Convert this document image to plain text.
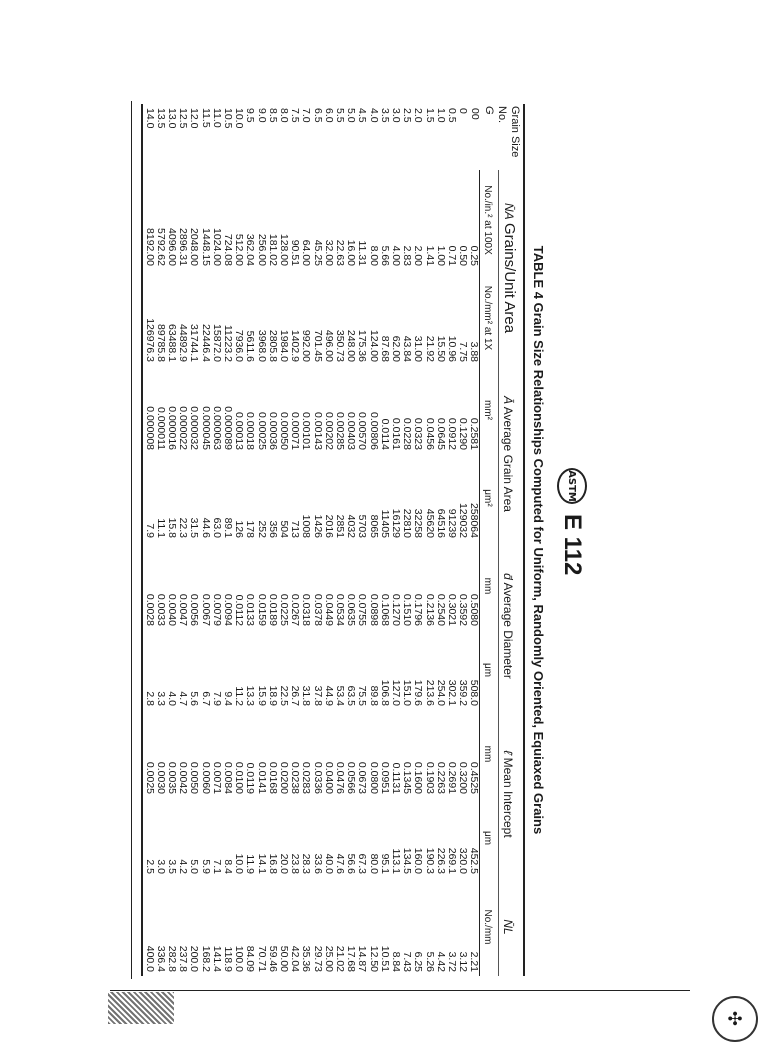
ASTM
E 112
TABLE 4 Grain Size Relationships Computed for Uniform, Randomly Oriented, Equiaxed Grains
Grain Size No.
G	N̄A Grains/Unit Area		Ā Average Grain Area		d̄ Average Diameter		ℓ̄ Mean Intercept		N̄L
	No./in.² at 100X	No./mm² at 1X	mm²	μm²	mm	μm	mm	μm	No./mm
00	0.25	3.88	0.2581	258064	0.5080	508.0	0.4525	452.5	2.21
0	0.50	7.75	0.1290	129032	0.3592	359.2	0.3200	320.0	3.12
0.5	0.71	10.96	0.0912	91239	0.3021	302.1	0.2691	269.1	3.72
1.0	1.00	15.50	0.0645	64516	0.2540	254.0	0.2263	226.3	4.42
1.5	1.41	21.92	0.0456	45620	0.2136	213.6	0.1903	190.3	5.26
2.0	2.00	31.00	0.0323	32258	0.1796	179.6	0.1600	160.0	6.25
2.5	2.83	43.84	0.0228	22810	0.1510	151.0	0.1345	134.5	7.43
3.0	4.00	62.00	0.0161	16129	0.1270	127.0	0.1131	113.1	8.84
3.5	5.66	87.68	0.0114	11405	0.1068	106.8	0.0951	95.1	10.51
4.0	8.00	124.00	0.00806	8065	0.0898	89.8	0.0800	80.0	12.50
4.5	11.31	175.36	0.00570	5703	0.0755	75.5	0.0673	67.3	14.87
5.0	16.00	248.00	0.00403	4032	0.0635	63.5	0.0566	56.6	17.68
5.5	22.63	350.73	0.00285	2851	0.0534	53.4	0.0476	47.6	21.02
6.0	32.00	496.00	0.00202	2016	0.0449	44.9	0.0400	40.0	25.00
6.5	45.25	701.45	0.00143	1426	0.0378	37.8	0.0336	33.6	29.73
7.0	64.00	992.00	0.00101	1008	0.0318	31.8	0.0283	28.3	35.36
7.5	90.51	1402.9	0.00071	713	0.0267	26.7	0.0238	23.8	42.04
8.0	128.00	1984.0	0.00050	504	0.0225	22.5	0.0200	20.0	50.00
8.5	181.02	2805.8	0.00036	356	0.0189	18.9	0.0168	16.8	59.46
9.0	256.00	3968.0	0.00025	252	0.0159	15.9	0.0141	14.1	70.71
9.5	362.04	5611.6	0.00018	178	0.0133	13.3	0.0119	11.9	84.09
10.0	512.00	7936.0	0.00013	126	0.0112	11.2	0.0100	10.0	100.0
10.5	724.08	11223.2	0.000089	89.1	0.0094	9.4	0.0084	8.4	118.9
11.0	1024.00	15872.0	0.000063	63.0	0.0079	7.9	0.0071	7.1	141.4
11.5	1448.15	22446.4	0.000045	44.6	0.0067	6.7	0.0060	5.9	168.2
12.0	2048.00	31744.1	0.000032	31.5	0.0056	5.6	0.0050	5.0	200.0
12.5	2896.31	44892.9	0.000022	22.3	0.0047	4.7	0.0042	4.2	237.8
13.0	4096.00	63488.1	0.000016	15.8	0.0040	4.0	0.0035	3.5	282.8
13.5	5792.62	89785.8	0.000011	11.1	0.0033	3.3	0.0030	3.0	336.4
14.0	8192.00	126976.3	0.000008	7.9	0.0028	2.8	0.0025	2.5	400.0
✣
